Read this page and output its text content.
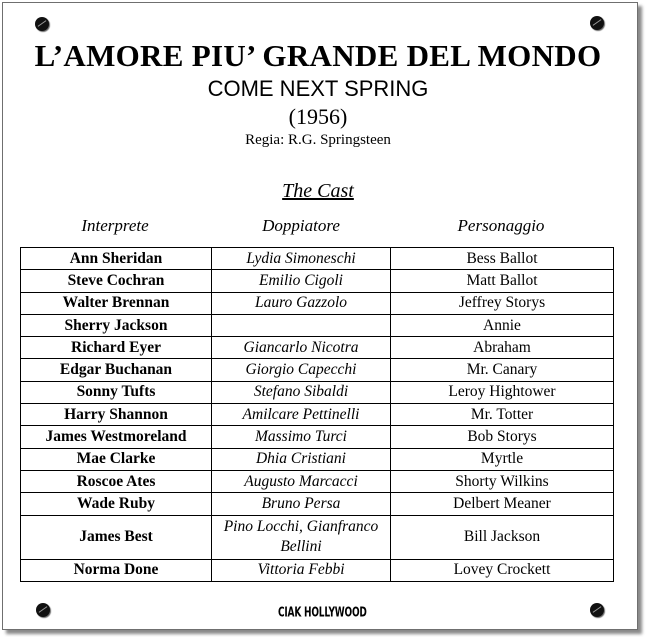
L’AMORE PIU’ GRANDE DEL MONDO
COME NEXT SPRING
(1956)
Regia: R.G. Springsteen
The Cast
Interprete	Doppiatore	Personaggio
Ann Sheridan	Lydia Simoneschi	Bess Ballot
Steve Cochran	Emilio Cigoli	Matt Ballot
Walter Brennan	Lauro Gazzolo	Jeffrey Storys
Sherry Jackson		Annie
Richard Eyer	Giancarlo Nicotra	Abraham
Edgar Buchanan	Giorgio Capecchi	Mr. Canary
Sonny Tufts	Stefano Sibaldi	Leroy Hightower
Harry Shannon	Amilcare Pettinelli	Mr. Totter
James Westmoreland	Massimo Turci	Bob Storys
Mae Clarke	Dhia Cristiani	Myrtle
Roscoe Ates	Augusto Marcacci	Shorty Wilkins
Wade Ruby	Bruno Persa	Delbert Meaner
James Best	Pino Locchi, Gianfranco Bellini	Bill Jackson
Norma Done	Vittoria Febbi	Lovey Crockett
CIAK HOLLYWOOD
